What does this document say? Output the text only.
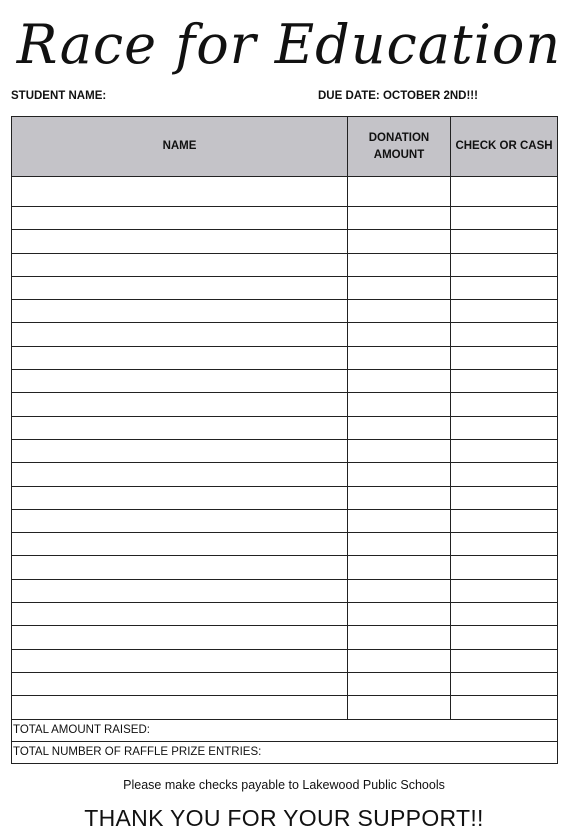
Race for Education
STUDENT NAME:	DUE DATE: OCTOBER 2ND!!!
NAME	DONATION AMOUNT	CHECK OR CASH

TOTAL AMOUNT RAISED:		
TOTAL NUMBER OF RAFFLE PRIZE ENTRIES:		
Please make checks payable to Lakewood Public Schools
THANK YOU FOR YOUR SUPPORT!!
